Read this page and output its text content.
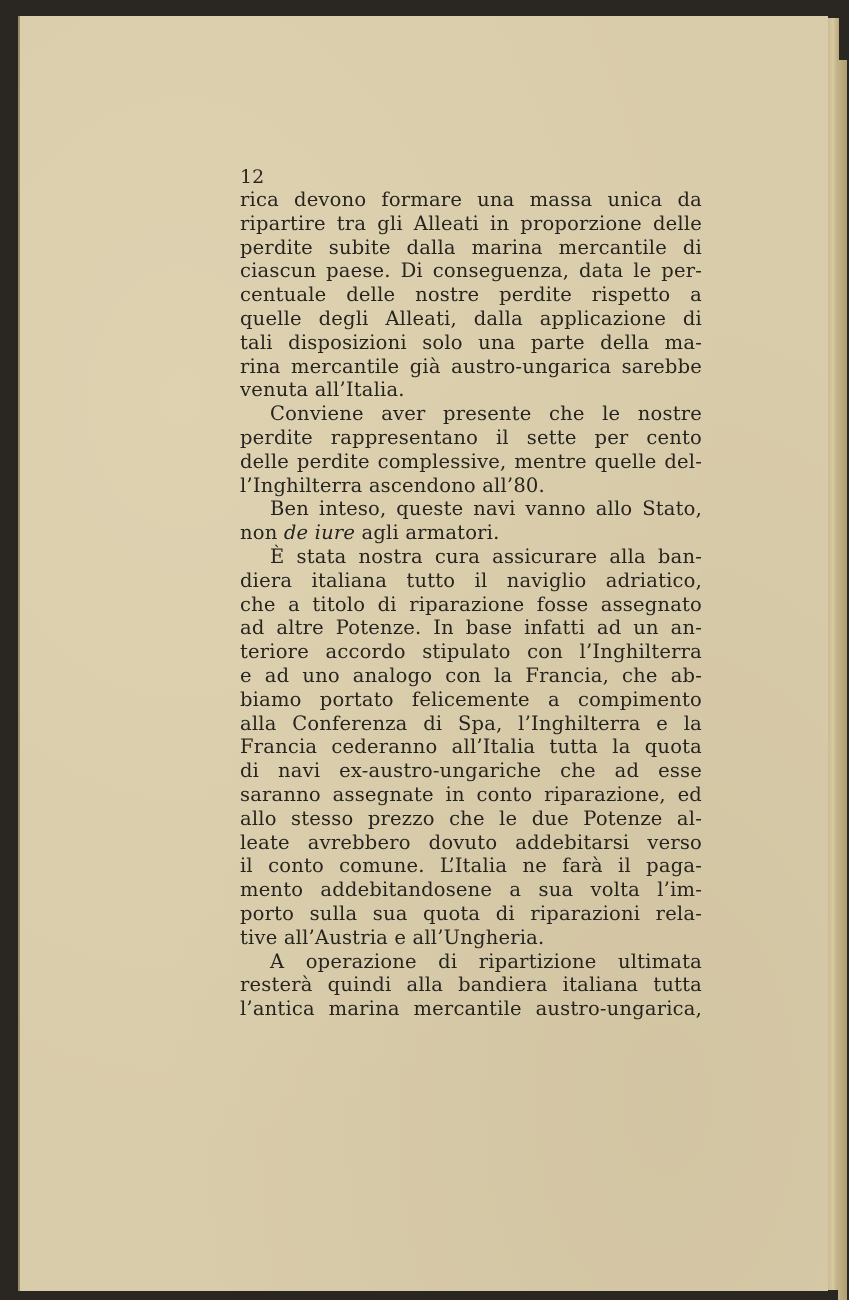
12
rica devono formare una massa unica da
ripartire tra gli Alleati in proporzione delle
perdite subite dalla marina mercantile di
ciascun paese. Di conseguenza, data le per-
centuale delle nostre perdite rispetto a
quelle degli Alleati, dalla applicazione di
tali disposizioni solo una parte della ma-
rina mercantile già austro-ungarica sarebbe
venuta all’Italia.
Conviene aver presente che le nostre
perdite rappresentano il sette per cento
delle perdite complessive, mentre quelle del-
l’Inghilterra ascendono all’80.
Ben inteso, queste navi vanno allo Stato,
non de iure agli armatori.
È stata nostra cura assicurare alla ban-
diera italiana tutto il naviglio adriatico,
che a titolo di riparazione fosse assegnato
ad altre Potenze. In base infatti ad un an-
teriore accordo stipulato con l’Inghilterra
e ad uno analogo con la Francia, che ab-
biamo portato felicemente a compimento
alla Conferenza di Spa, l’Inghilterra e la
Francia cederanno all’Italia tutta la quota
di navi ex-austro-ungariche che ad esse
saranno assegnate in conto riparazione, ed
allo stesso prezzo che le due Potenze al-
leate avrebbero dovuto addebitarsi verso
il conto comune. L’Italia ne farà il paga-
mento addebitandosene a sua volta l’im-
porto sulla sua quota di riparazioni rela-
tive all’Austria e all’Ungheria.
A operazione di ripartizione ultimata
resterà quindi alla bandiera italiana tutta
l’antica marina mercantile austro-ungarica,
